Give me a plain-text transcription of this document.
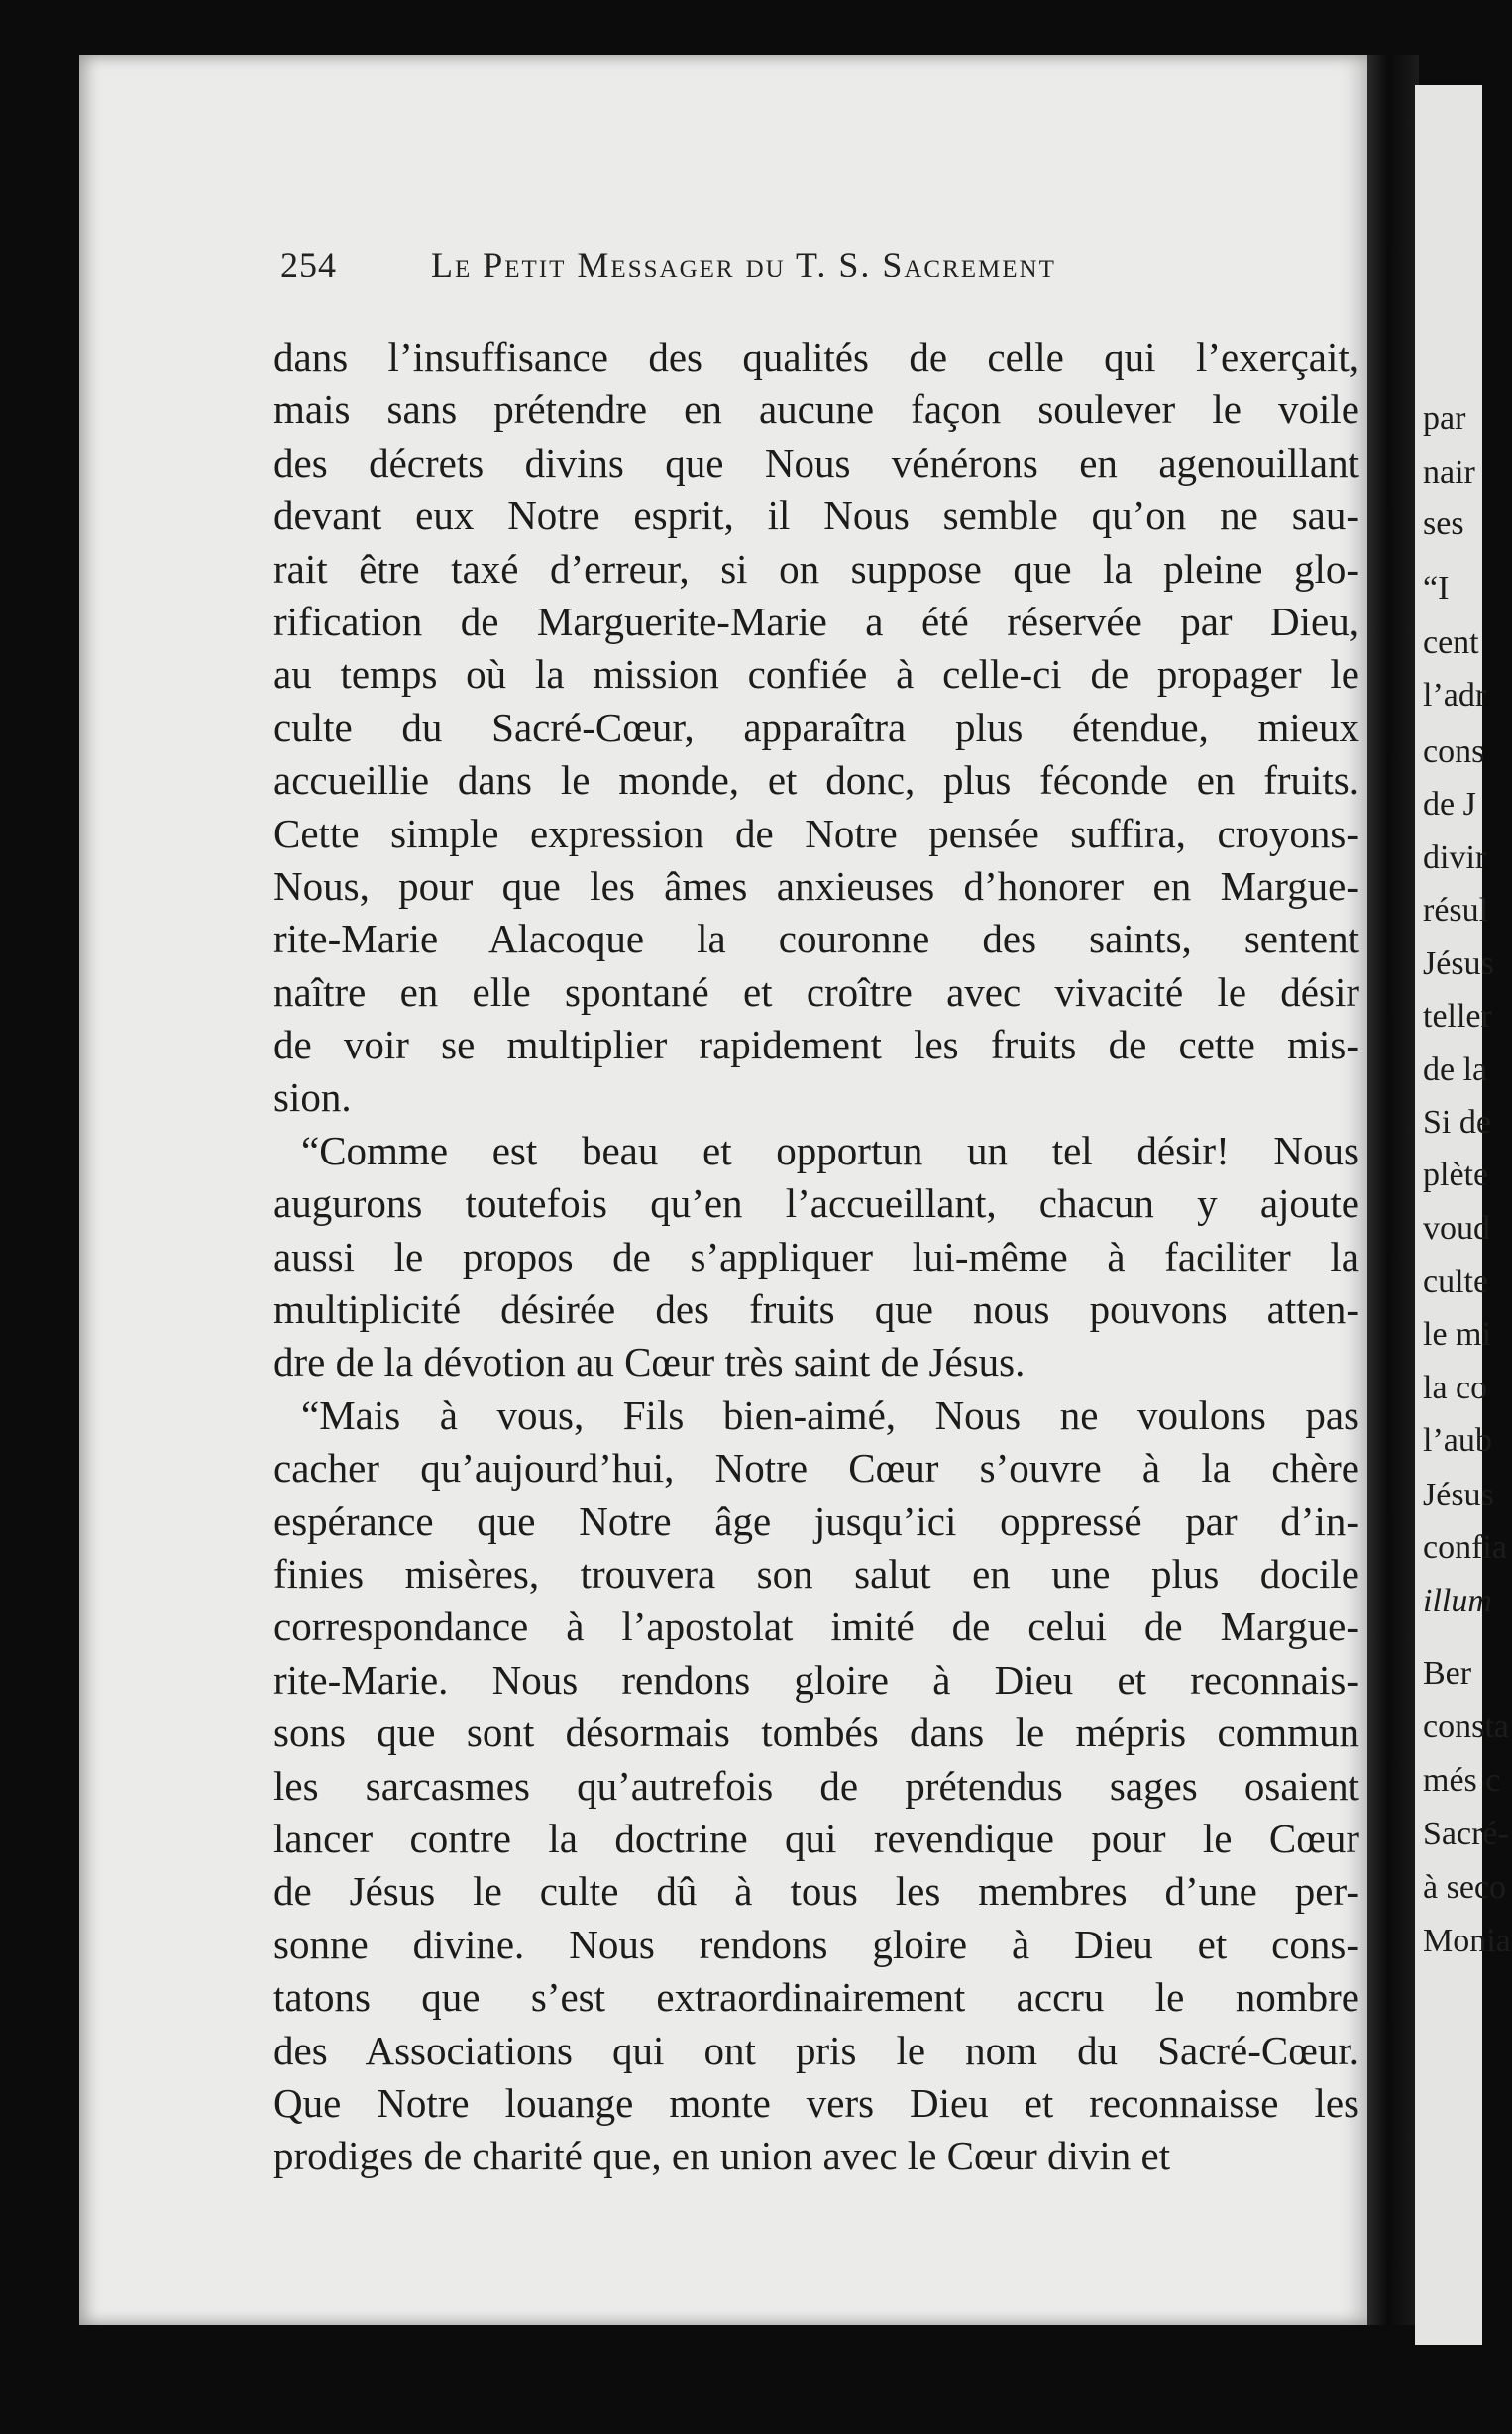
254	Le Petit Messager du T. S. Sacrement
dans l’insuffisance des qualités de celle qui l’exerçait,
mais sans prétendre en aucune façon soulever le voile
des décrets divins que Nous vénérons en agenouillant
devant eux Notre esprit, il Nous semble qu’on ne sau-
rait être taxé d’erreur, si on suppose que la pleine glo-
rification de Marguerite-Marie a été réservée par Dieu,
au temps où la mission confiée à celle-ci de propager le
culte du Sacré-Cœur, apparaîtra plus étendue, mieux
accueillie dans le monde, et donc, plus féconde en fruits.
Cette simple expression de Notre pensée suffira, croyons-
Nous, pour que les âmes anxieuses d’honorer en Margue-
rite-Marie Alacoque la couronne des saints, sentent
naître en elle spontané et croître avec vivacité le désir
de voir se multiplier rapidement les fruits de cette mis-
sion.
“Comme est beau et opportun un tel désir! Nous
augurons toutefois qu’en l’accueillant, chacun y ajoute
aussi le propos de s’appliquer lui-même à faciliter la
multiplicité désirée des fruits que nous pouvons atten-
dre de la dévotion au Cœur très saint de Jésus.
“Mais à vous, Fils bien-aimé, Nous ne voulons pas
cacher qu’aujourd’hui, Notre Cœur s’ouvre à la chère
espérance que Notre âge jusqu’ici oppressé par d’in-
finies misères, trouvera son salut en une plus docile
correspondance à l’apostolat imité de celui de Margue-
rite-Marie. Nous rendons gloire à Dieu et reconnais-
sons que sont désormais tombés dans le mépris commun
les sarcasmes qu’autrefois de prétendus sages osaient
lancer contre la doctrine qui revendique pour le Cœur
de Jésus le culte dû à tous les membres d’une per-
sonne divine. Nous rendons gloire à Dieu et cons-
tatons que s’est extraordinairement accru le nombre
des Associations qui ont pris le nom du Sacré-Cœur.
Que Notre louange monte vers Dieu et reconnaisse les
prodiges de charité que, en union avec le Cœur divin et
par
nair
ses
“I
cent
l’adr
cons
de J
divir
résul
Jésus
teller
de la
Si de
plète
voud
culte
le mi
la co
l’aub
Jésus
confia
illum
Ber
consta
més c
Sacré-
à seco
Monia
